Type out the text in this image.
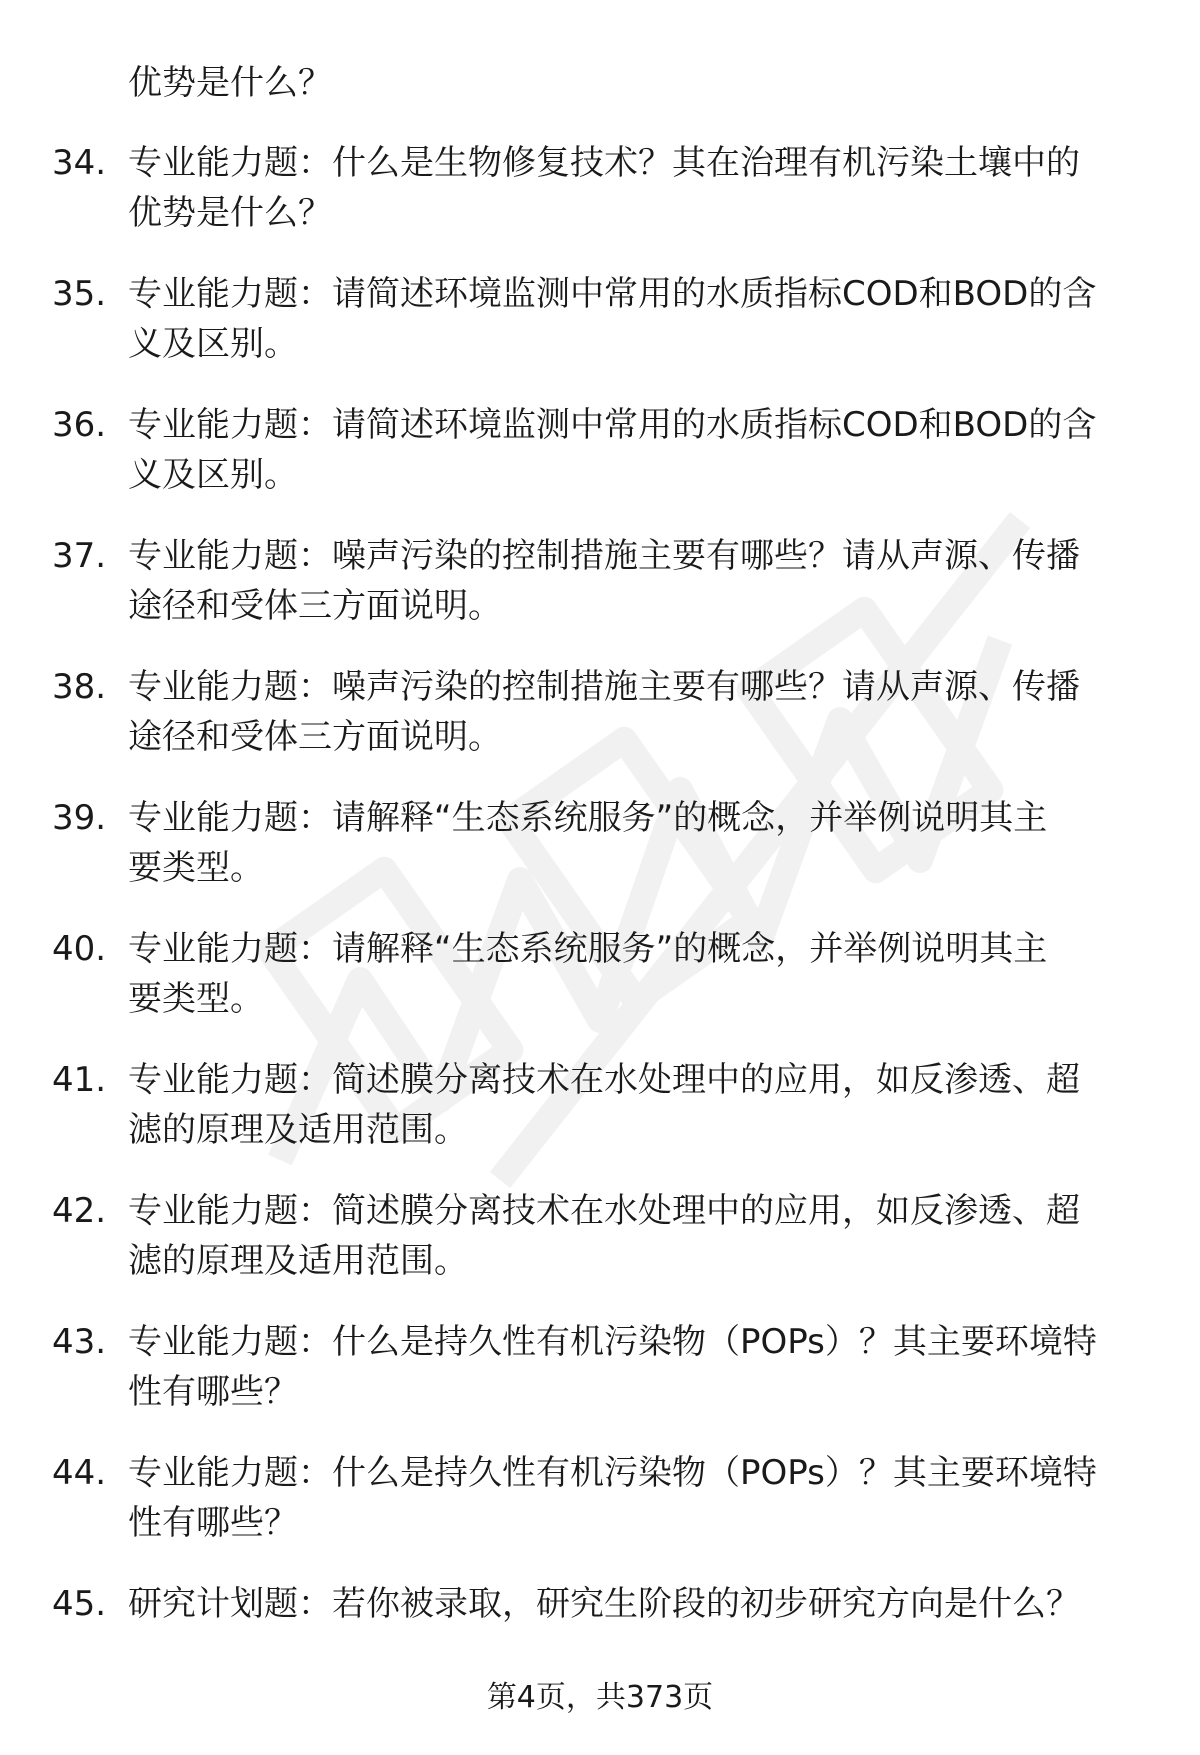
优势是什么？
34. 专业能力题：什么是生物修复技术？其在治理有机污染土壤中的
优势是什么？
35. 专业能力题：请简述环境监测中常用的水质指标COD和BOD的含
义及区别。
36. 专业能力题：请简述环境监测中常用的水质指标COD和BOD的含
义及区别。
37. 专业能力题：噪声污染的控制措施主要有哪些？请从声源、传播
途径和受体三方面说明。
38. 专业能力题：噪声污染的控制措施主要有哪些？请从声源、传播
途径和受体三方面说明。
39. 专业能力题：请解释“生态系统服务”的概念，并举例说明其主
要类型。
40. 专业能力题：请解释“生态系统服务”的概念，并举例说明其主
要类型。
41. 专业能力题：简述膜分离技术在水处理中的应用，如反渗透、超
滤的原理及适用范围。
42. 专业能力题：简述膜分离技术在水处理中的应用，如反渗透、超
滤的原理及适用范围。
43. 专业能力题：什么是持久性有机污染物（POPs）？其主要环境特
性有哪些？
44. 专业能力题：什么是持久性有机污染物（POPs）？其主要环境特
性有哪些？
45. 研究计划题：若你被录取，研究生阶段的初步研究方向是什么？
第4页，共373页
